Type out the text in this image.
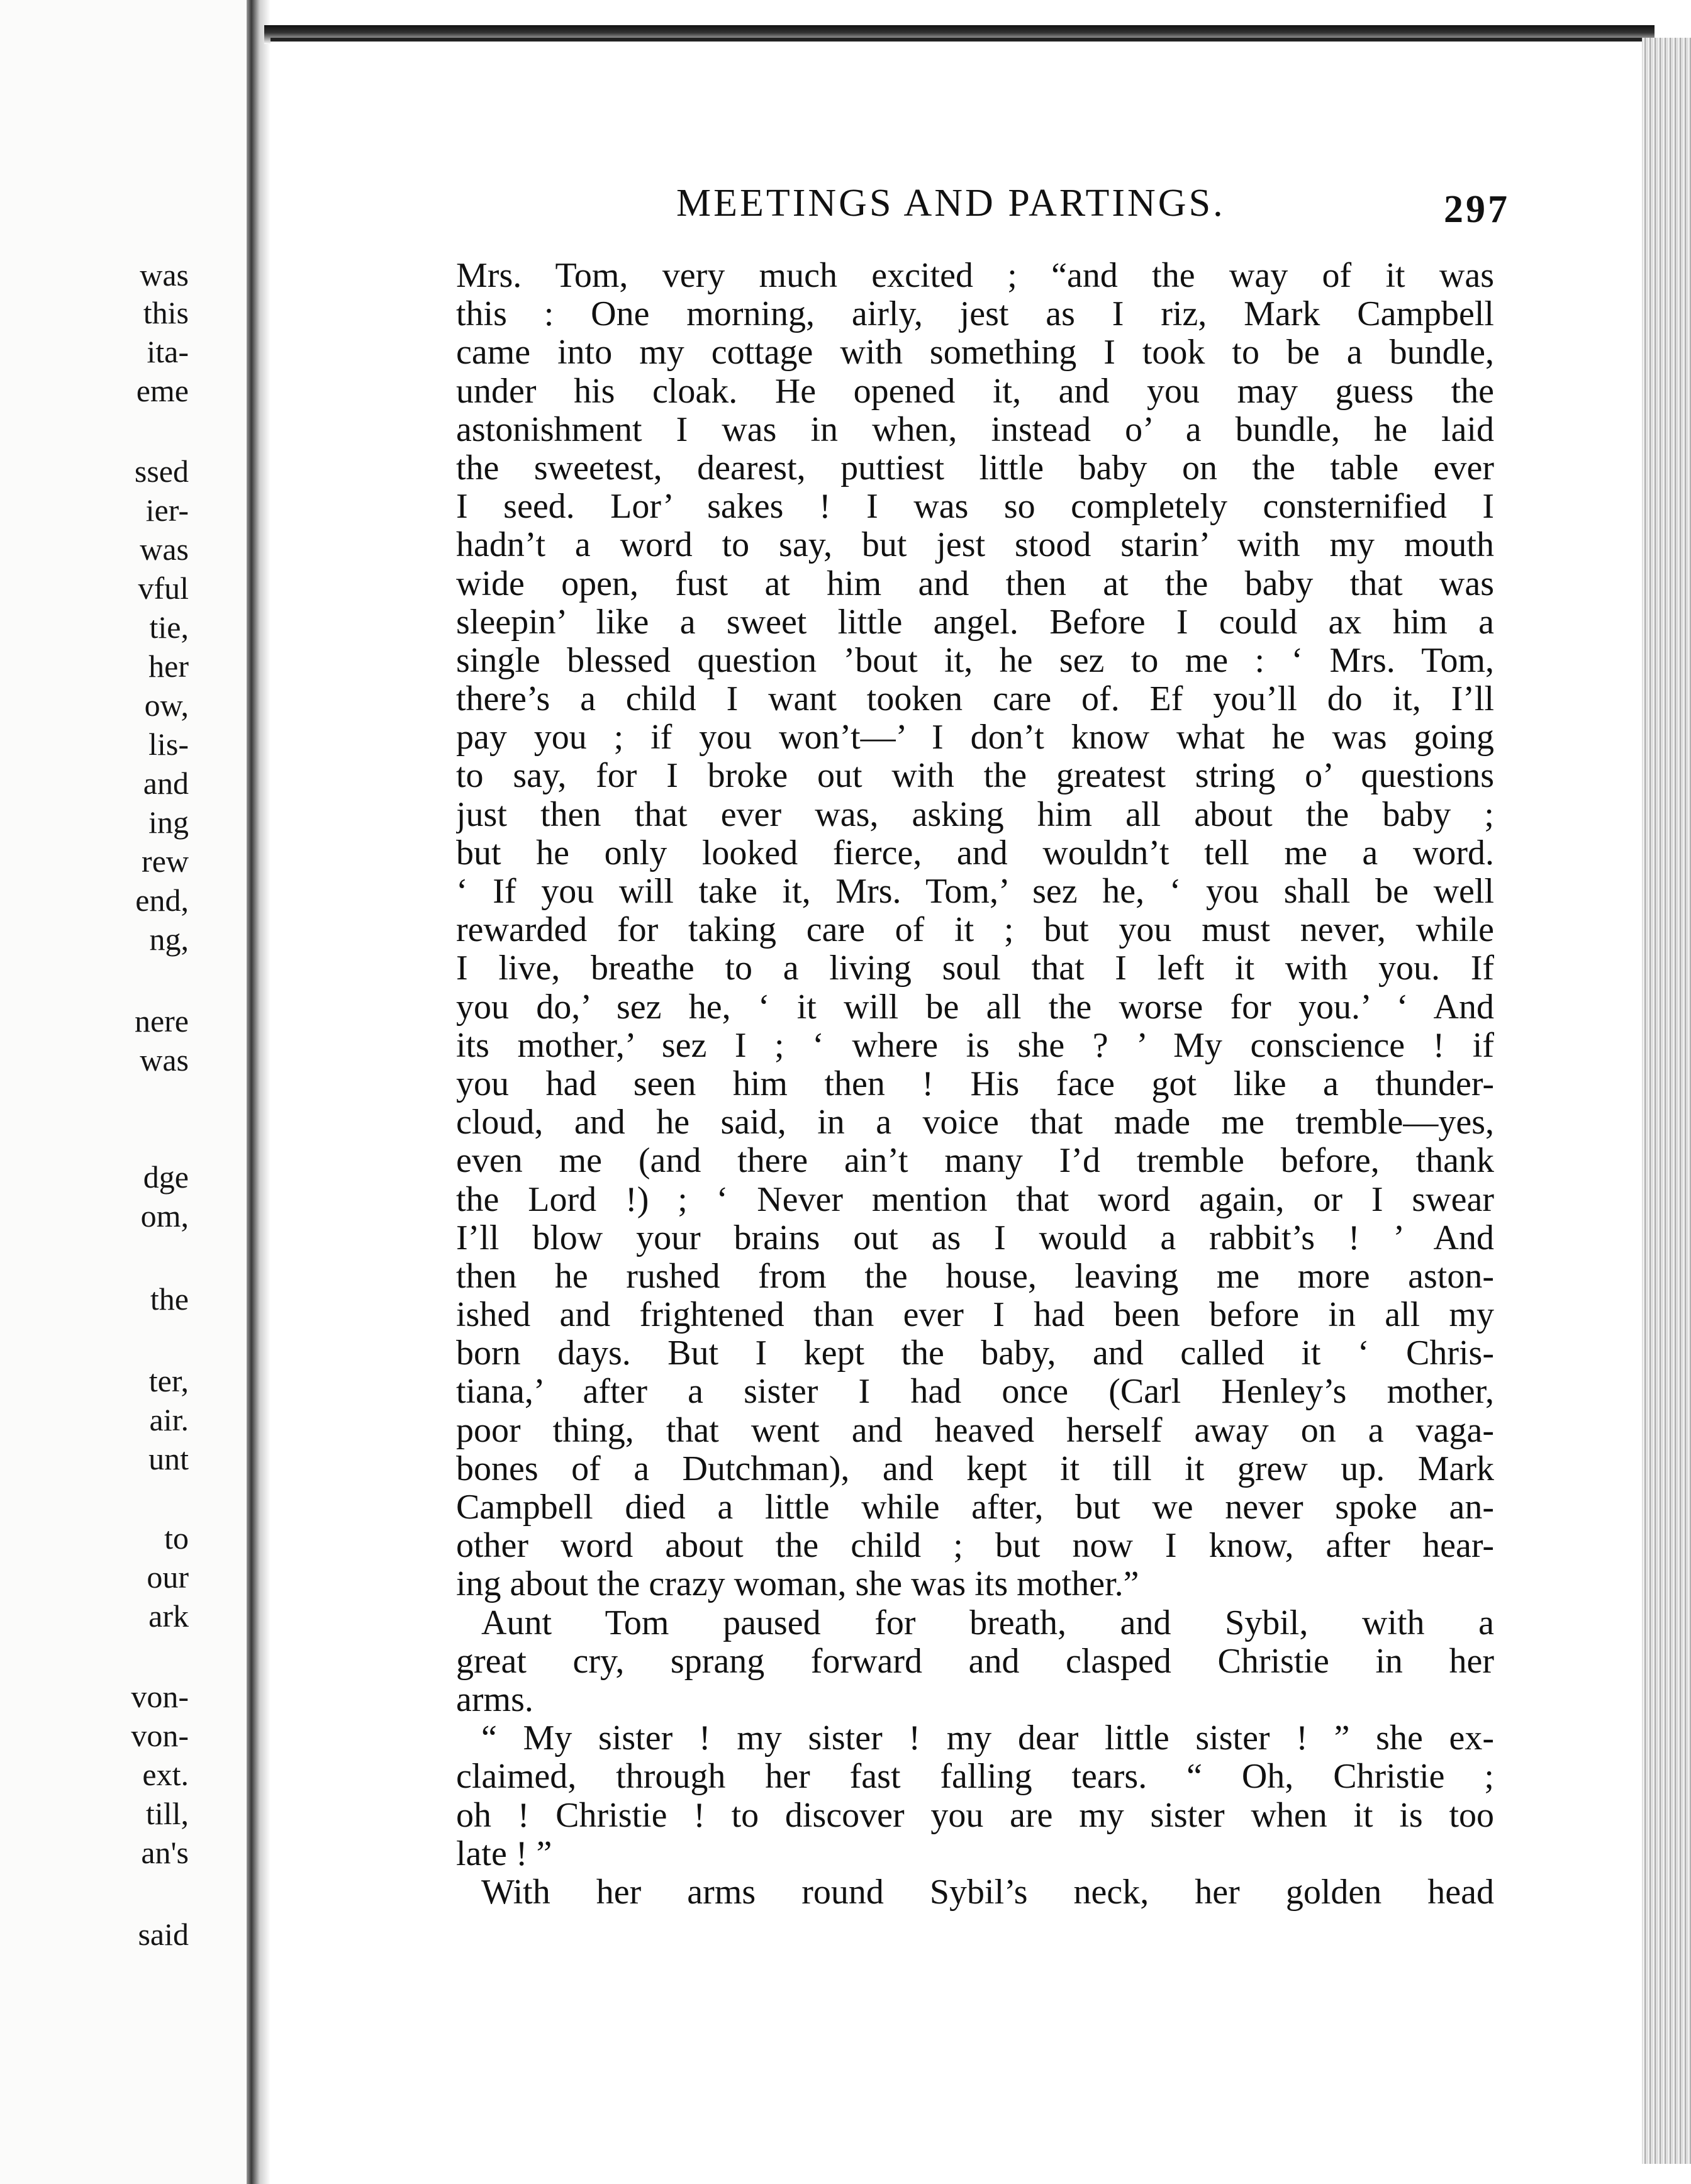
was
this
ita-
eme
ssed
ier-
was
vful
tie,
her
ow,
lis-
and
ing
rew
end,
ng,
nere
was
dge
om,
the
ter,
air.
unt
to
our
ark
von-
von-
ext.
till,
an's
said
MEETINGS AND PARTINGS.	297
Mrs. Tom, very much excited ; “and the way of it was
this : One morning, airly, jest as I riz, Mark Campbell
came into my cottage with something I took to be a bundle,
under his cloak. He opened it, and you may guess the
astonishment I was in when, instead o’ a bundle, he laid
the sweetest, dearest, puttiest little baby on the table ever
I seed. Lor’ sakes ! I was so completely consternified I
hadn’t a word to say, but jest stood starin’ with my mouth
wide open, fust at him and then at the baby that was
sleepin’ like a sweet little angel. Before I could ax him a
single blessed question ’bout it, he sez to me : ‘ Mrs. Tom,
there’s a child I want tooken care of. Ef you’ll do it, I’ll
pay you ; if you won’t—’ I don’t know what he was going
to say, for I broke out with the greatest string o’ questions
just then that ever was, asking him all about the baby ;
but he only looked fierce, and wouldn’t tell me a word.
‘ If you will take it, Mrs. Tom,’ sez he, ‘ you shall be well
rewarded for taking care of it ; but you must never, while
I live, breathe to a living soul that I left it with you. If
you do,’ sez he, ‘ it will be all the worse for you.’ ‘ And
its mother,’ sez I ; ‘ where is she ? ’ My conscience ! if
you had seen him then ! His face got like a thunder-
cloud, and he said, in a voice that made me tremble—yes,
even me (and there ain’t many I’d tremble before, thank
the Lord !) ; ‘ Never mention that word again, or I swear
I’ll blow your brains out as I would a rabbit’s ! ’ And
then he rushed from the house, leaving me more aston-
ished and frightened than ever I had been before in all my
born days. But I kept the baby, and called it ‘ Chris-
tiana,’ after a sister I had once (Carl Henley’s mother,
poor thing, that went and heaved herself away on a vaga-
bones of a Dutchman), and kept it till it grew up. Mark
Campbell died a little while after, but we never spoke an-
other word about the child ; but now I know, after hear-
ing about the crazy woman, she was its mother.”
Aunt Tom paused for breath, and Sybil, with a
great cry, sprang forward and clasped Christie in her
arms.
“ My sister ! my sister ! my dear little sister ! ” she ex-
claimed, through her fast falling tears. “ Oh, Christie ;
oh ! Christie ! to discover you are my sister when it is too
late ! ”
With her arms round Sybil’s neck, her golden head
